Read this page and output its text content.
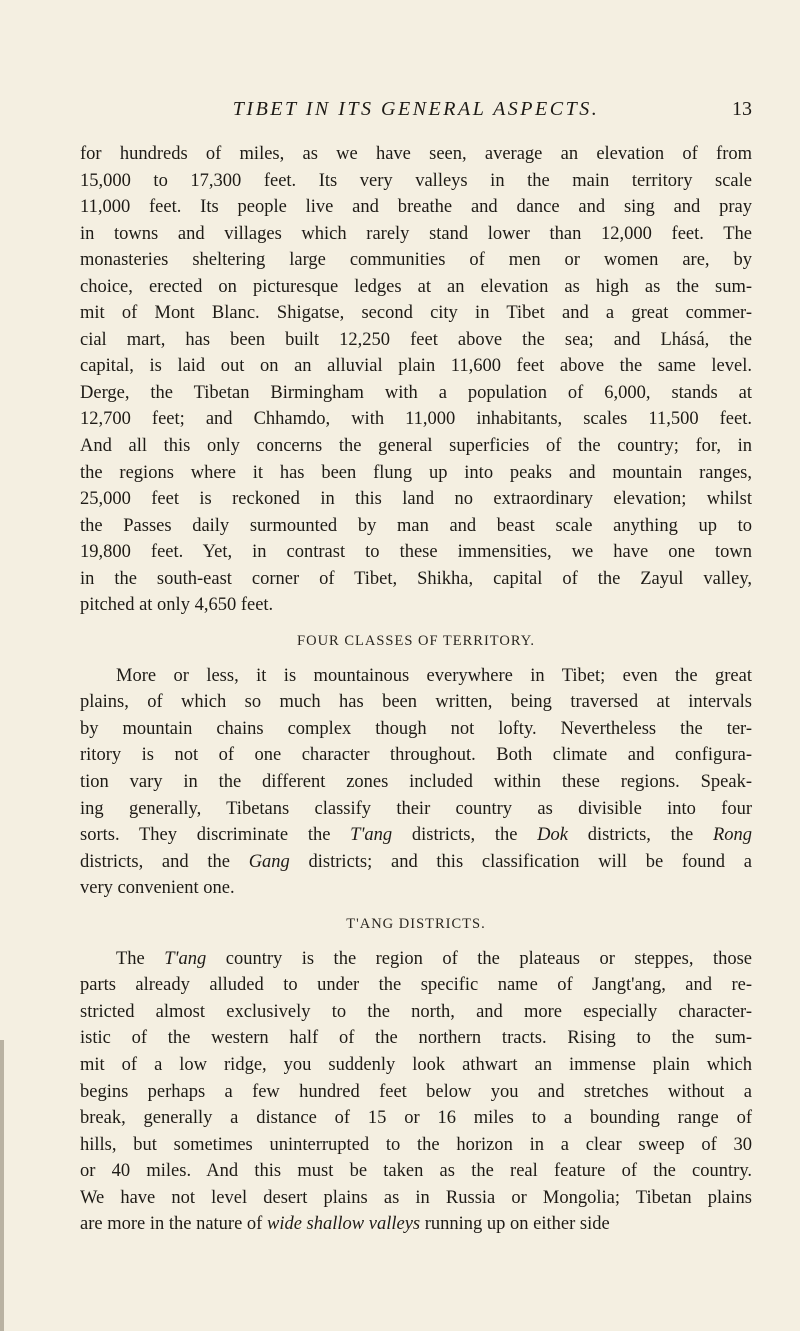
TIBET IN ITS GENERAL ASPECTS.	13
for hundreds of miles, as we have seen, average an elevation of from
15,000 to 17,300 feet. Its very valleys in the main territory scale
11,000 feet. Its people live and breathe and dance and sing and pray
in towns and villages which rarely stand lower than 12,000 feet. The
monasteries sheltering large communities of men or women are, by
choice, erected on picturesque ledges at an elevation as high as the sum-
mit of Mont Blanc. Shigatse, second city in Tibet and a great commer-
cial mart, has been built 12,250 feet above the sea; and Lhásá, the
capital, is laid out on an alluvial plain 11,600 feet above the same level.
Derge, the Tibetan Birmingham with a population of 6,000, stands at
12,700 feet; and Chhamdo, with 11,000 inhabitants, scales 11,500 feet.
And all this only concerns the general superficies of the country; for, in
the regions where it has been flung up into peaks and mountain ranges,
25,000 feet is reckoned in this land no extraordinary elevation; whilst
the Passes daily surmounted by man and beast scale anything up to
19,800 feet. Yet, in contrast to these immensities, we have one town
in the south-east corner of Tibet, Shikha, capital of the Zayul valley,
pitched at only 4,650 feet.
FOUR CLASSES OF TERRITORY.
More or less, it is mountainous everywhere in Tibet; even the great
plains, of which so much has been written, being traversed at intervals
by mountain chains complex though not lofty. Nevertheless the ter-
ritory is not of one character throughout. Both climate and configura-
tion vary in the different zones included within these regions. Speak-
ing generally, Tibetans classify their country as divisible into four
sorts. They discriminate the T'ang districts, the Dok districts, the Rong
districts, and the Gang districts; and this classification will be found a
very convenient one.
T'ANG DISTRICTS.
The T'ang country is the region of the plateaus or steppes, those
parts already alluded to under the specific name of Jangt'ang, and re-
stricted almost exclusively to the north, and more especially character-
istic of the western half of the northern tracts. Rising to the sum-
mit of a low ridge, you suddenly look athwart an immense plain which
begins perhaps a few hundred feet below you and stretches without a
break, generally a distance of 15 or 16 miles to a bounding range of
hills, but sometimes uninterrupted to the horizon in a clear sweep of 30
or 40 miles. And this must be taken as the real feature of the country.
We have not level desert plains as in Russia or Mongolia; Tibetan plains
are more in the nature of wide shallow valleys running up on either side
